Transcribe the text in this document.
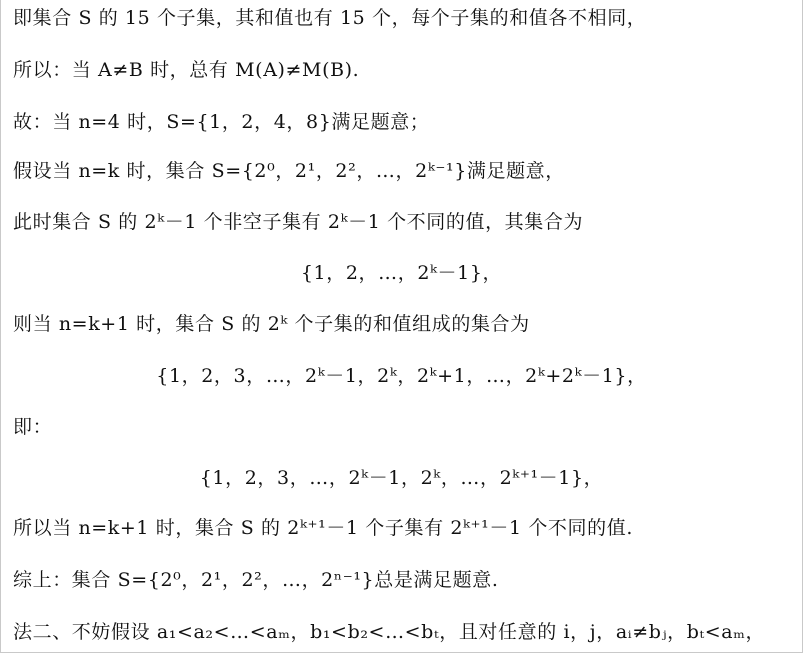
即集合 S 的 15 个子集，其和值也有 15 个，每个子集的和值各不相同，
所以：当 A≠B 时，总有 M(A)≠M(B).
故：当 n=4 时，S={1，2，4，8}满足题意；
假设当 n=k 时，集合 S={2⁰，2¹，2²，…，2ᵏ⁻¹}满足题意，
此时集合 S 的 2ᵏ－1 个非空子集有 2ᵏ－1 个不同的值，其集合为
{1，2，…，2ᵏ－1}，
则当 n=k+1 时，集合 S 的 2ᵏ 个子集的和值组成的集合为
{1，2，3，…，2ᵏ－1，2ᵏ，2ᵏ+1，…，2ᵏ+2ᵏ－1}，
即：
{1，2，3，…，2ᵏ－1，2ᵏ，…，2ᵏ⁺¹－1}，
所以当 n=k+1 时，集合 S 的 2ᵏ⁺¹－1 个子集有 2ᵏ⁺¹－1 个不同的值.
综上：集合 S={2⁰，2¹，2²，…，2ⁿ⁻¹}总是满足题意.
法二、不妨假设 a₁<a₂<…<aₘ，b₁<b₂<…<bₜ，且对任意的 i，j，aᵢ≠bⱼ，bₜ<aₘ，
